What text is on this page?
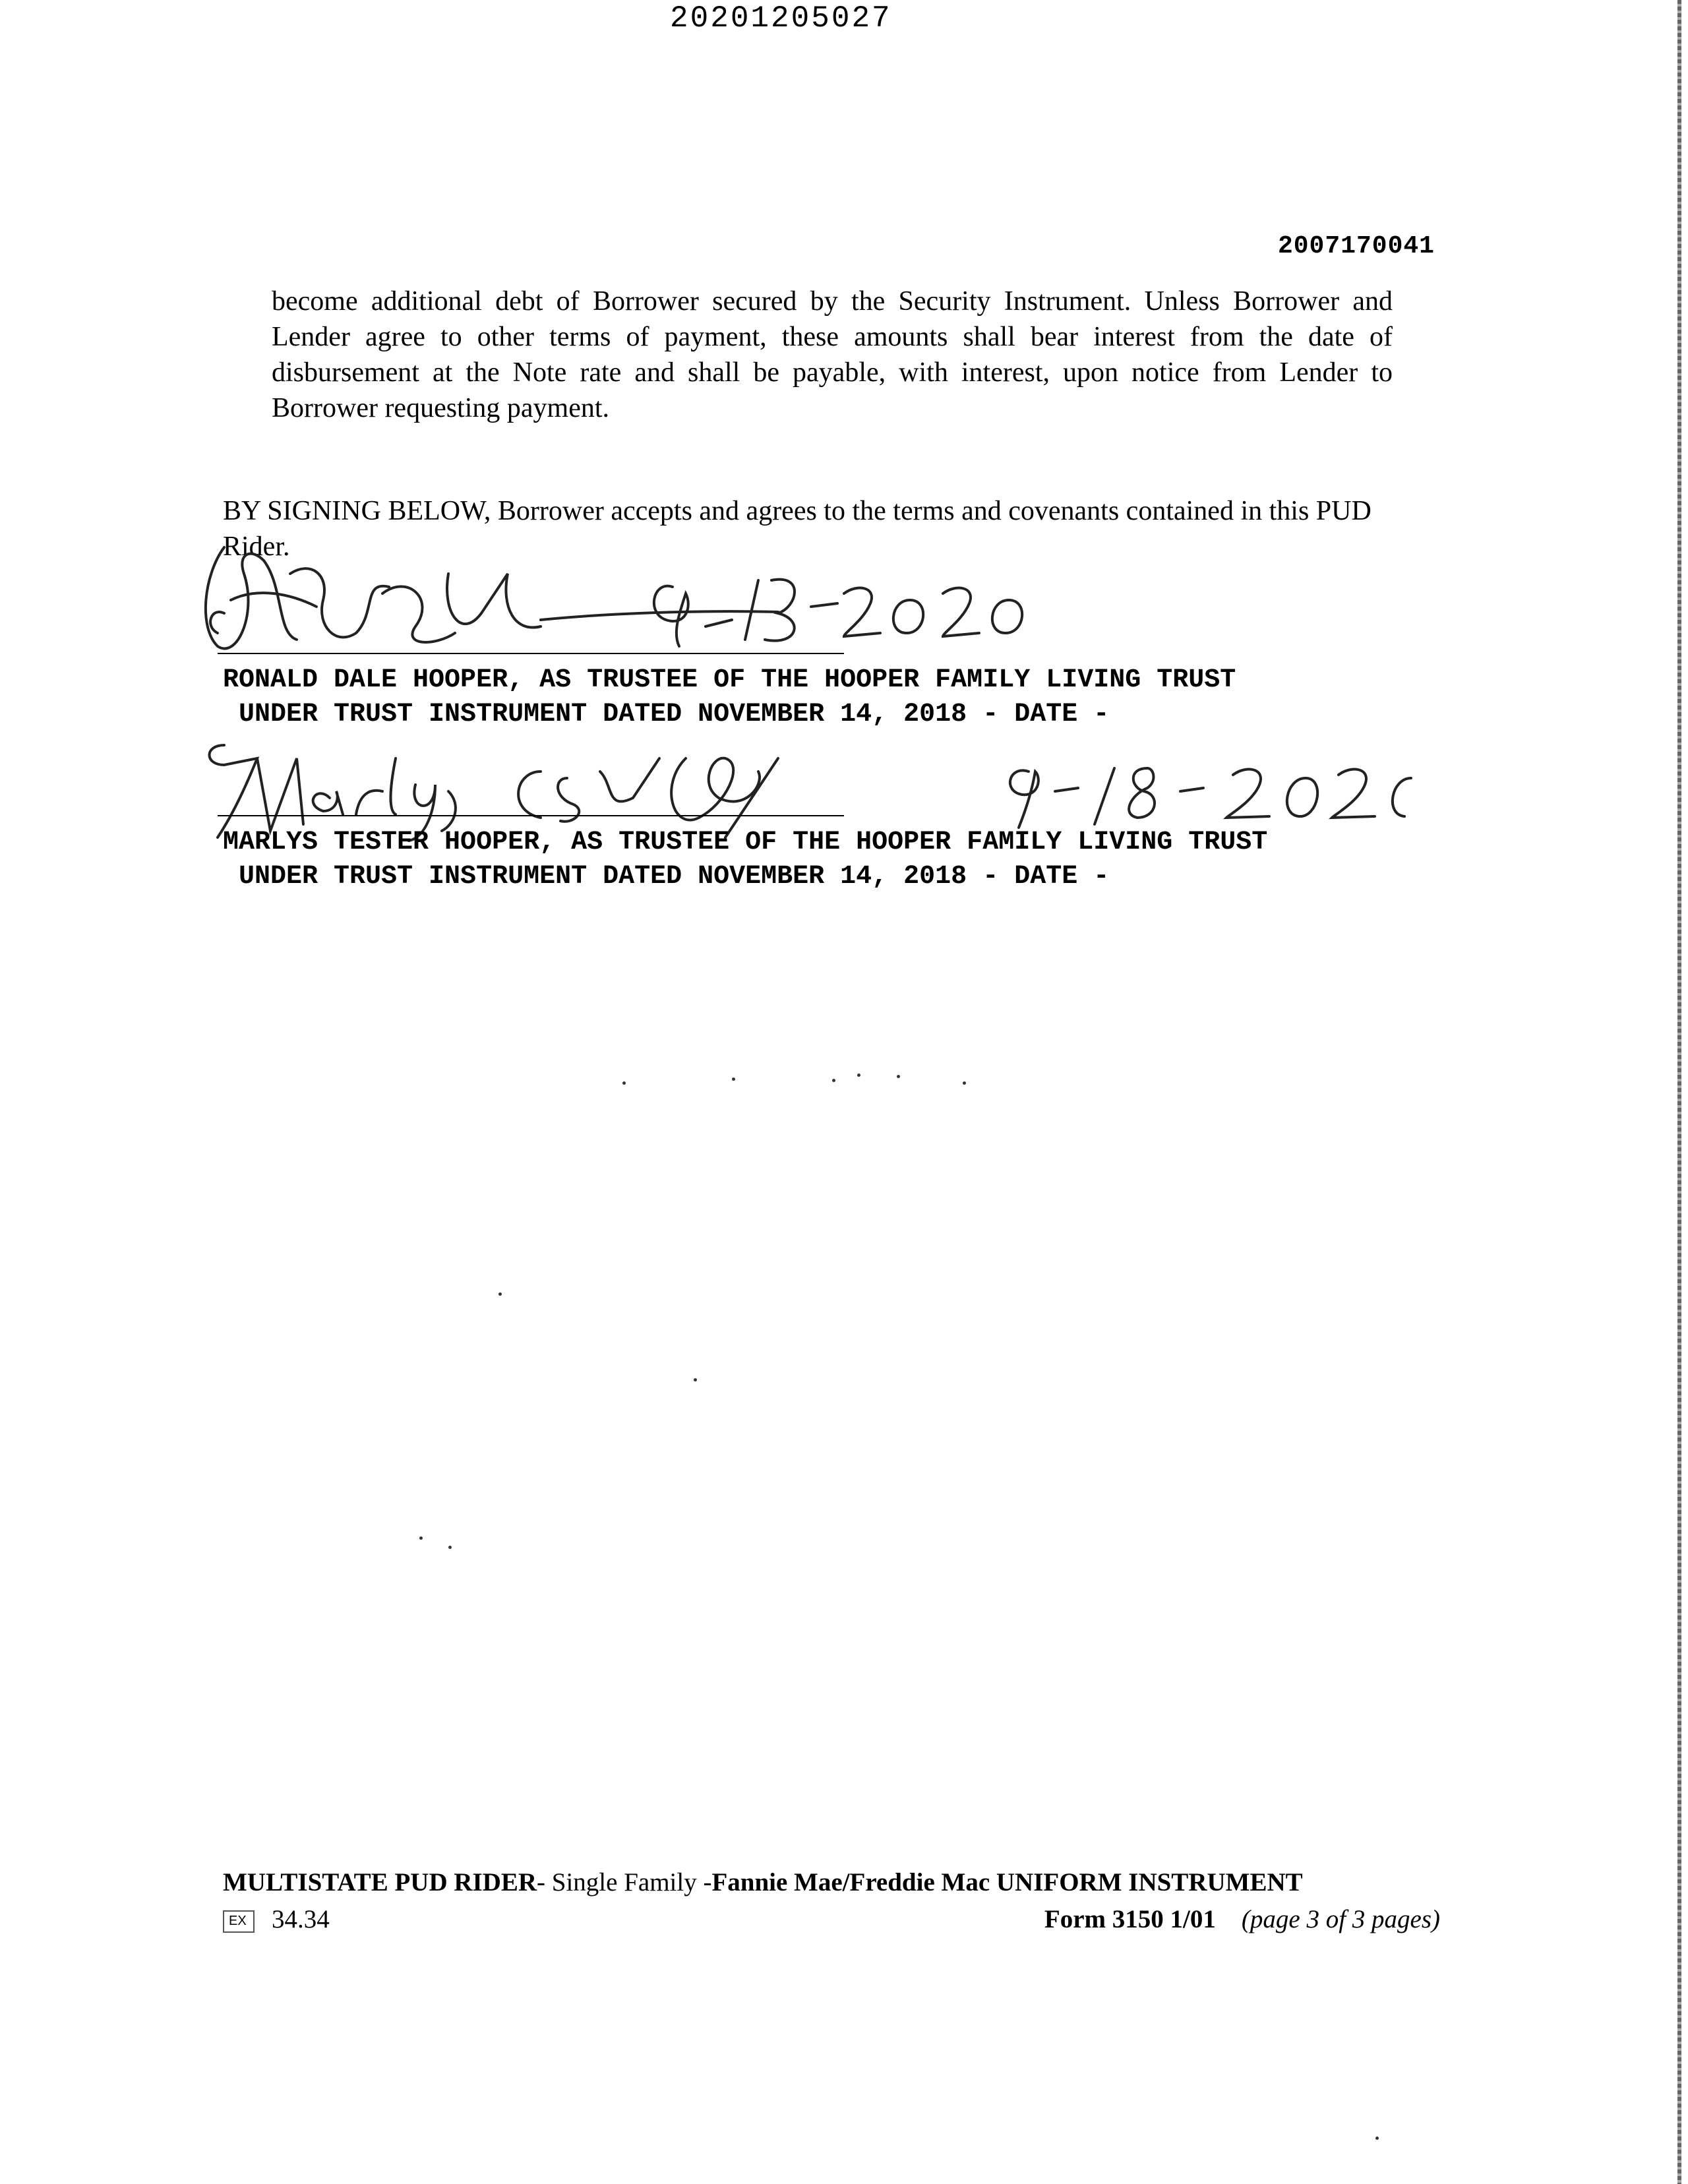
20201205027
2007170041
become additional debt of Borrower secured by the Security Instrument. Unless Borrower and Lender agree to other terms of payment, these amounts shall bear interest from the date of disbursement at the Note rate and shall be payable, with interest, upon notice from Lender to Borrower requesting payment.
BY SIGNING BELOW, Borrower accepts and agrees to the terms and covenants contained in this PUD Rider.
RONALD DALE HOOPER, AS TRUSTEE OF THE HOOPER FAMILY LIVING TRUST
UNDER TRUST INSTRUMENT DATED NOVEMBER 14, 2018 - DATE -
MARLYS TESTER HOOPER, AS TRUSTEE OF THE HOOPER FAMILY LIVING TRUST
UNDER TRUST INSTRUMENT DATED NOVEMBER 14, 2018 - DATE -
MULTISTATE PUD RIDER- Single Family -Fannie Mae/Freddie Mac UNIFORM INSTRUMENT
EX 34.34	Form 3150 1/01 (page 3 of 3 pages)
